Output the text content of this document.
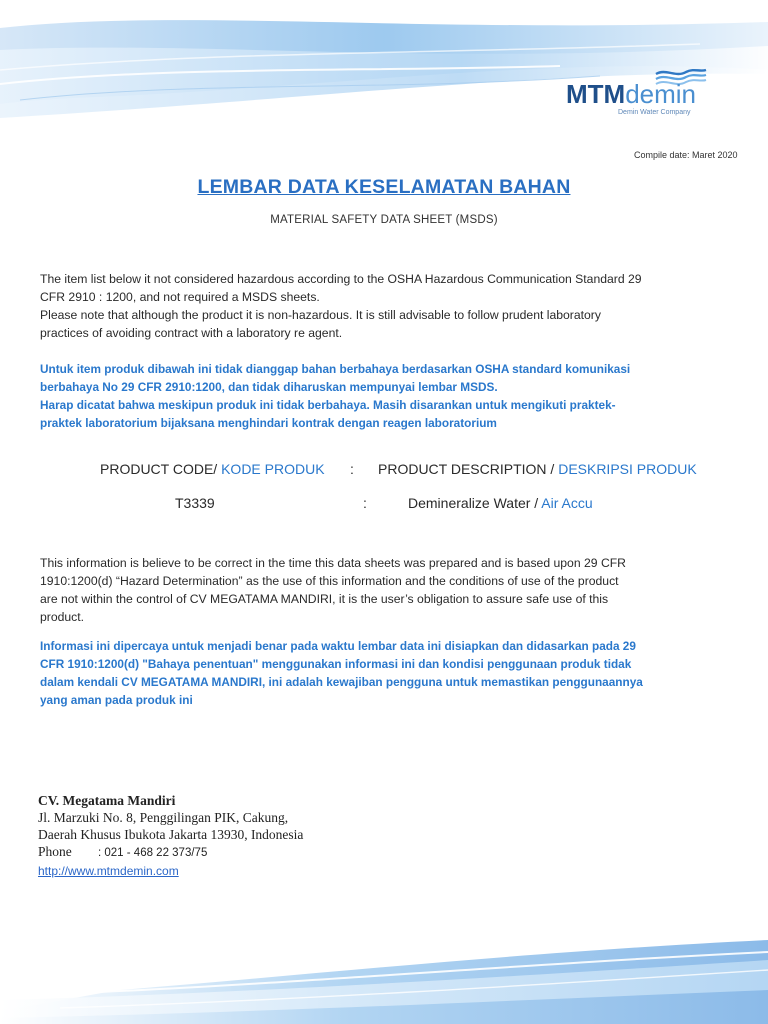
MTMdemin
Demin Water Company
Compile date: Maret 2020
LEMBAR DATA KESELAMATAN BAHAN
MATERIAL SAFETY DATA SHEET (MSDS)
The item list below it not considered hazardous according to the OSHA Hazardous Communication Standard 29
CFR 2910 : 1200, and not required a MSDS sheets.
Please note that although the product it is non-hazardous. It is still advisable to follow prudent laboratory
practices of avoiding contract with a laboratory re agent.
Untuk item produk dibawah ini tidak dianggap bahan berbahaya berdasarkan OSHA standard komunikasi
berbahaya No 29 CFR 2910:1200, dan tidak diharuskan mempunyai lembar MSDS.
Harap dicatat bahwa meskipun produk ini tidak berbahaya. Masih disarankan untuk mengikuti praktek-
praktek laboratorium bijaksana menghindari kontrak dengan reagen laboratorium
PRODUCT CODE/ KODE PRODUK : PRODUCT DESCRIPTION / DESKRIPSI PRODUK
T3339	:	Demineralize Water / Air Accu
This information is believe to be correct in the time this data sheets was prepared and is based upon 29 CFR
1910:1200(d) “Hazard Determination” as the use of this information and the conditions of use of the product
are not within the control of CV MEGATAMA MANDIRI, it is the user’s obligation to assure safe use of this
product.
Informasi ini dipercaya untuk menjadi benar pada waktu lembar data ini disiapkan dan didasarkan pada 29
CFR 1910:1200(d) "Bahaya penentuan" menggunakan informasi ini dan kondisi penggunaan produk tidak
dalam kendali CV MEGATAMA MANDIRI, ini adalah kewajiban pengguna untuk memastikan penggunaannya
yang aman pada produk ini
CV. Megatama Mandiri
Jl. Marzuki No. 8, Penggilingan PIK, Cakung,
Daerah Khusus Ibukota Jakarta 13930, Indonesia
Phone : 021 - 468 22 373/75
http://www.mtmdemin.com
